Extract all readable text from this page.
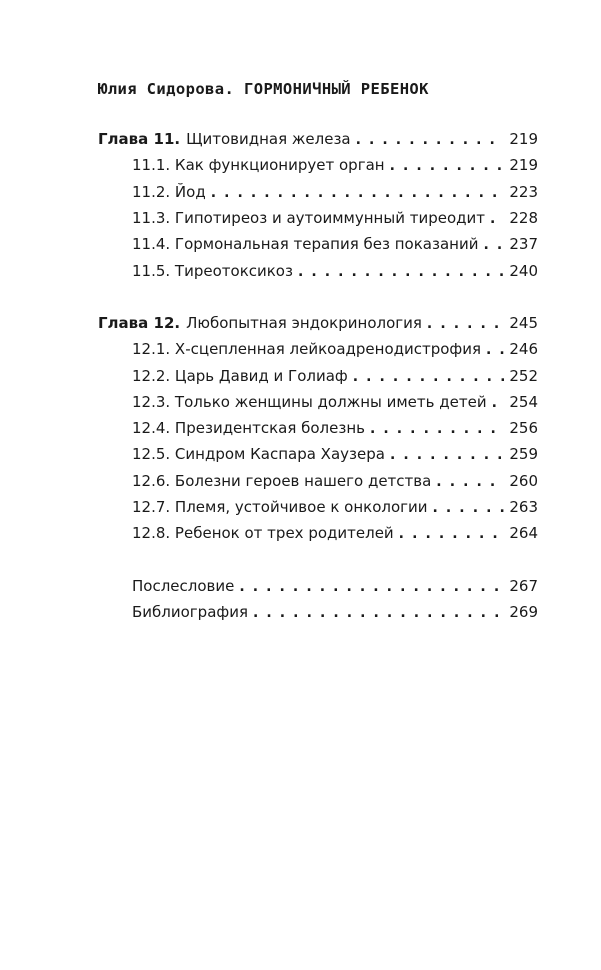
Юлия Сидорова. ГОРМОНИЧНЫЙ РЕБЕНОК
Глава 11. Щитовидная железа . . .	219
11.1. Как функционирует орган . . .	219
11.2. Йод . . .	223
11.3. Гипотиреоз и аутоиммунный тиреодит . . .	228
11.4. Гормональная терапия без показаний . . .	237
11.5. Тиреотоксикоз . . .	240
Глава 12. Любопытная эндокринология . . .	245
12.1. Х-сцепленная лейкоадренодистрофия . . .	246
12.2. Царь Давид и Голиаф . . .	252
12.3. Только женщины должны иметь детей . . .	254
12.4. Президентская болезнь . . .	256
12.5. Синдром Каспара Хаузера . . .	259
12.6. Болезни героев нашего детства . . .	260
12.7. Племя, устойчивое к онкологии . . .	263
12.8. Ребенок от трех родителей . . .	264
Послесловие . . .	267
Библиография . . .	269
